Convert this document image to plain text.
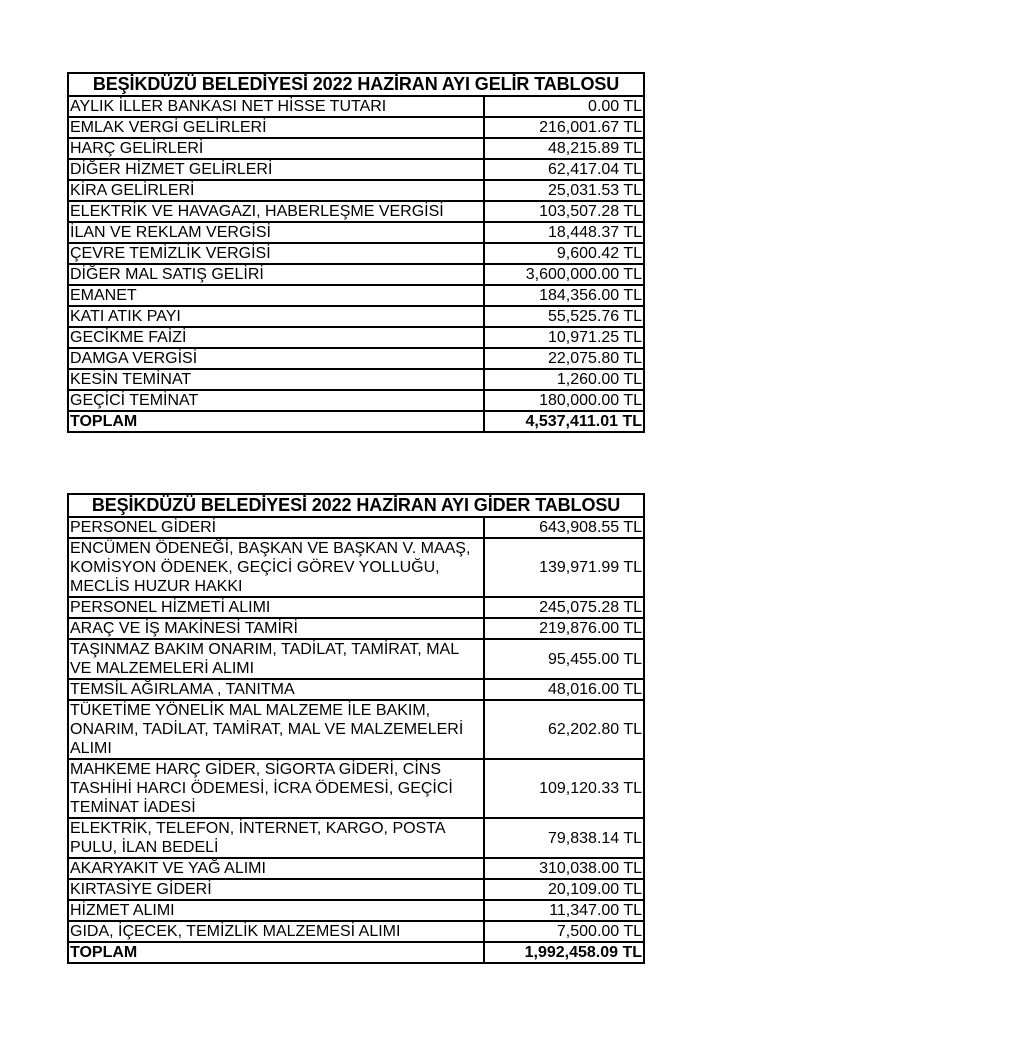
BEŞİKDÜZÜ BELEDİYESİ 2022 HAZİRAN AYI GELİR TABLOSU	
AYLIK İLLER BANKASI NET HİSSE TUTARI	0.00 TL
EMLAK VERGİ GELİRLERİ	216,001.67 TL
HARÇ GELİRLERİ	48,215.89 TL
DİĞER HİZMET GELİRLERİ	62,417.04 TL
KİRA GELİRLERİ	25,031.53 TL
ELEKTRİK VE HAVAGAZI, HABERLEŞME VERGİSİ	103,507.28 TL
İLAN VE REKLAM VERGİSİ	18,448.37 TL
ÇEVRE TEMİZLİK VERGİSİ	9,600.42 TL
DİĞER MAL SATIŞ GELİRİ	3,600,000.00 TL
EMANET	184,356.00 TL
KATI ATIK PAYI	55,525.76 TL
GECİKME FAİZİ	10,971.25 TL
DAMGA VERGİSİ	22,075.80 TL
KESİN TEMİNAT	1,260.00 TL
GEÇİCİ TEMİNAT	180,000.00 TL
TOPLAM	4,537,411.01 TL
BEŞİKDÜZÜ BELEDİYESİ 2022 HAZİRAN AYI GİDER TABLOSU	
PERSONEL GİDERİ	643,908.55 TL
ENCÜMEN ÖDENEĞİ, BAŞKAN VE BAŞKAN V. MAAŞ,
KOMİSYON ÖDENEK, GEÇİCİ GÖREV YOLLUĞU,
MECLİS HUZUR HAKKI	139,971.99 TL
PERSONEL HİZMETİ ALIMI	245,075.28 TL
ARAÇ VE İŞ MAKİNESİ TAMİRİ	219,876.00 TL
TAŞINMAZ BAKIM ONARIM, TADİLAT, TAMİRAT, MAL
VE MALZEMELERİ ALIMI	95,455.00 TL
TEMSİL AĞIRLAMA , TANITMA	48,016.00 TL
TÜKETİME YÖNELİK MAL MALZEME İLE BAKIM,
ONARIM, TADİLAT, TAMİRAT, MAL VE MALZEMELERİ
ALIMI	62,202.80 TL
MAHKEME HARÇ GİDER, SİGORTA GİDERİ, CİNS
TASHİHİ HARCI ÖDEMESİ, İCRA ÖDEMESİ, GEÇİCİ
TEMİNAT İADESİ	109,120.33 TL
ELEKTRİK, TELEFON, İNTERNET, KARGO, POSTA
PULU, İLAN BEDELİ	79,838.14 TL
AKARYAKIT VE YAĞ ALIMI	310,038.00 TL
KIRTASİYE GİDERİ	20,109.00 TL
HİZMET ALIMI	11,347.00 TL
GIDA, İÇECEK, TEMİZLİK MALZEMESİ ALIMI	7,500.00 TL
TOPLAM	1,992,458.09 TL
